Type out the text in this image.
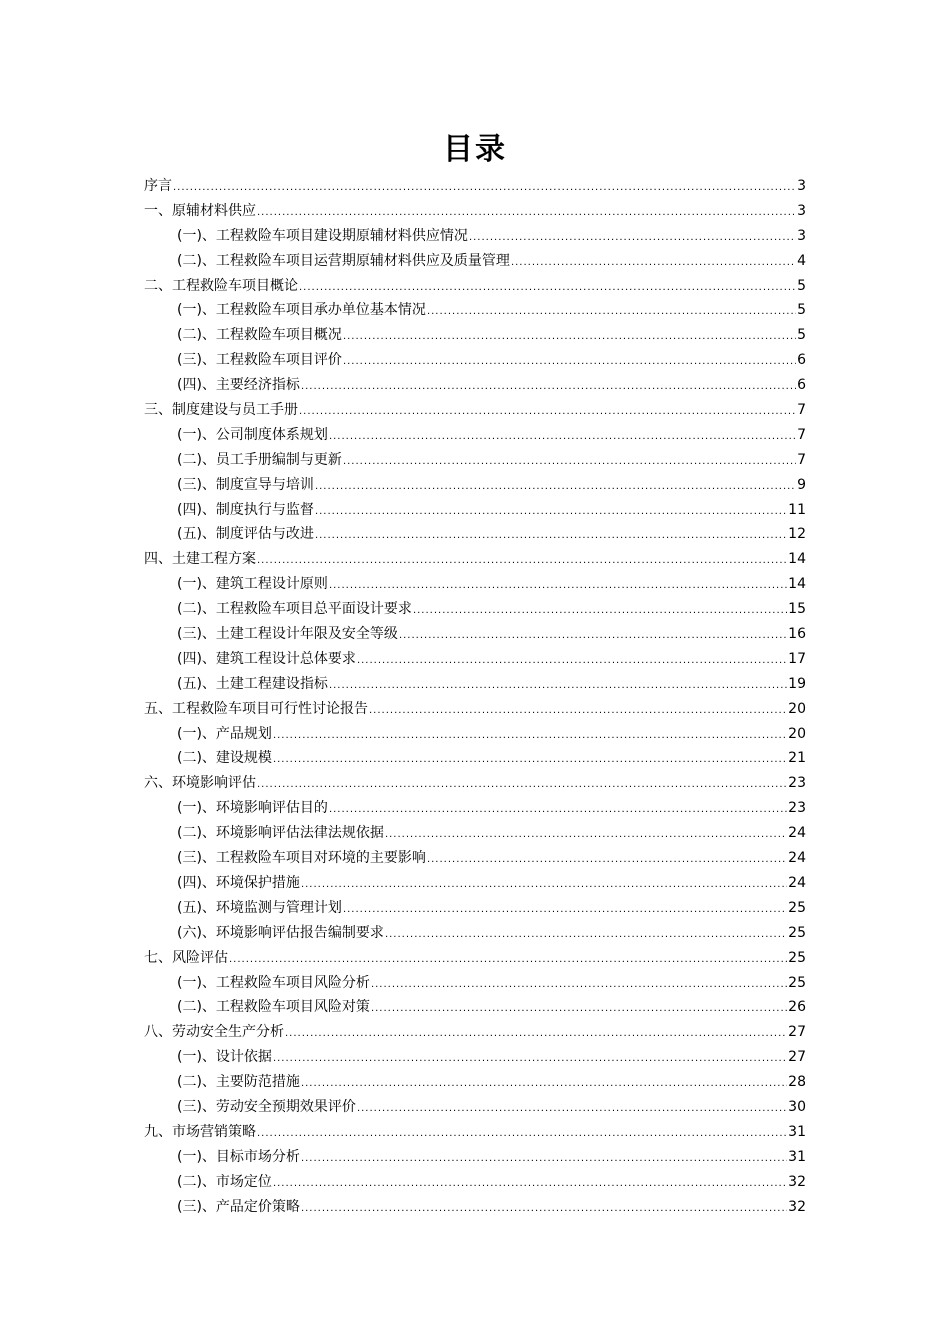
目录
序言 .....	3
一、原辅材料供应 .....	3
(一)、工程救险车项目建设期原辅材料供应情况 .....	3
(二)、工程救险车项目运营期原辅材料供应及质量管理 .....	4
二、工程救险车项目概论 .....	5
(一)、工程救险车项目承办单位基本情况 .....	5
(二)、工程救险车项目概况 .....	5
(三)、工程救险车项目评价 .....	6
(四)、主要经济指标 .....	6
三、制度建设与员工手册 .....	7
(一)、公司制度体系规划 .....	7
(二)、员工手册编制与更新 .....	7
(三)、制度宣导与培训 .....	9
(四)、制度执行与监督 .....	11
(五)、制度评估与改进 .....	12
四、土建工程方案 .....	14
(一)、建筑工程设计原则 .....	14
(二)、工程救险车项目总平面设计要求 .....	15
(三)、土建工程设计年限及安全等级 .....	16
(四)、建筑工程设计总体要求 .....	17
(五)、土建工程建设指标 .....	19
五、工程救险车项目可行性讨论报告 .....	20
(一)、产品规划 .....	20
(二)、建设规模 .....	21
六、环境影响评估 .....	23
(一)、环境影响评估目的 .....	23
(二)、环境影响评估法律法规依据 .....	24
(三)、工程救险车项目对环境的主要影响 .....	24
(四)、环境保护措施 .....	24
(五)、环境监测与管理计划 .....	25
(六)、环境影响评估报告编制要求 .....	25
七、风险评估 .....	25
(一)、工程救险车项目风险分析 .....	25
(二)、工程救险车项目风险对策 .....	26
八、劳动安全生产分析 .....	27
(一)、设计依据 .....	27
(二)、主要防范措施 .....	28
(三)、劳动安全预期效果评价 .....	30
九、市场营销策略 .....	31
(一)、目标市场分析 .....	31
(二)、市场定位 .....	32
(三)、产品定价策略 .....	32
